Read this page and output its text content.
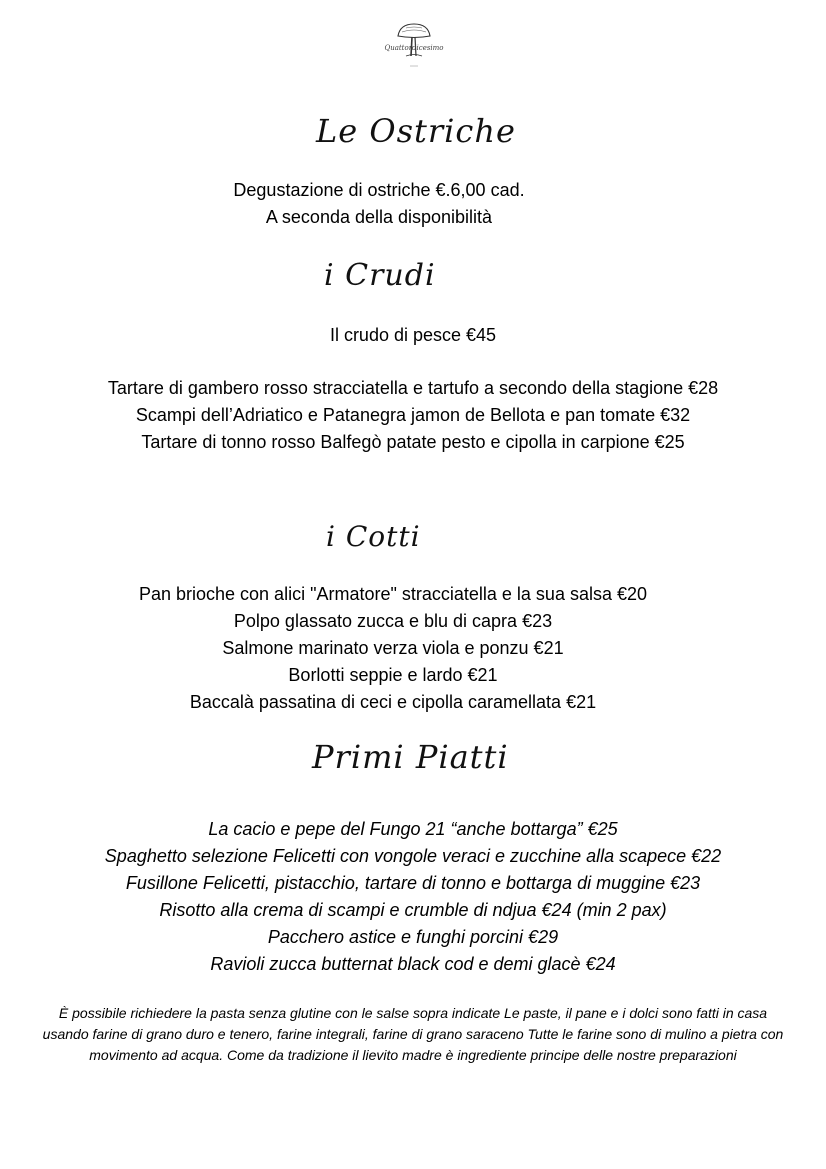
Quattordicesimo
Le Ostriche
Degustazione di ostriche €.6,00 cad.
A seconda della disponibilità
i Crudi
Il crudo di pesce €45
Tartare di gambero rosso stracciatella e tartufo a secondo della stagione €28
Scampi dell’Adriatico e Patanegra jamon de Bellota e pan tomate €32
Tartare di tonno rosso Balfegò patate pesto e cipolla in carpione €25
i Cotti
Pan brioche con alici "Armatore" stracciatella e la sua salsa €20
Polpo glassato zucca e blu di capra €23
Salmone marinato verza viola e ponzu €21
Borlotti seppie e lardo €21
Baccalà passatina di ceci e cipolla caramellata €21
Primi Piatti
La cacio e pepe del Fungo 21 “anche bottarga” €25
Spaghetto selezione Felicetti con vongole veraci e zucchine alla scapece €22
Fusillone Felicetti, pistacchio, tartare di tonno e bottarga di muggine €23
Risotto alla crema di scampi e crumble di ndjua €24 (min 2 pax)
Pacchero astice e funghi porcini €29
Ravioli zucca butternat black cod e demi glacè €24
È possibile richiedere la pasta senza glutine con le salse sopra indicate Le paste, il pane e i dolci sono fatti in casa usando farine di grano duro e tenero, farine integrali, farine di grano saraceno Tutte le farine sono di mulino a pietra con movimento ad acqua. Come da tradizione il lievito madre è ingrediente principe delle nostre preparazioni
